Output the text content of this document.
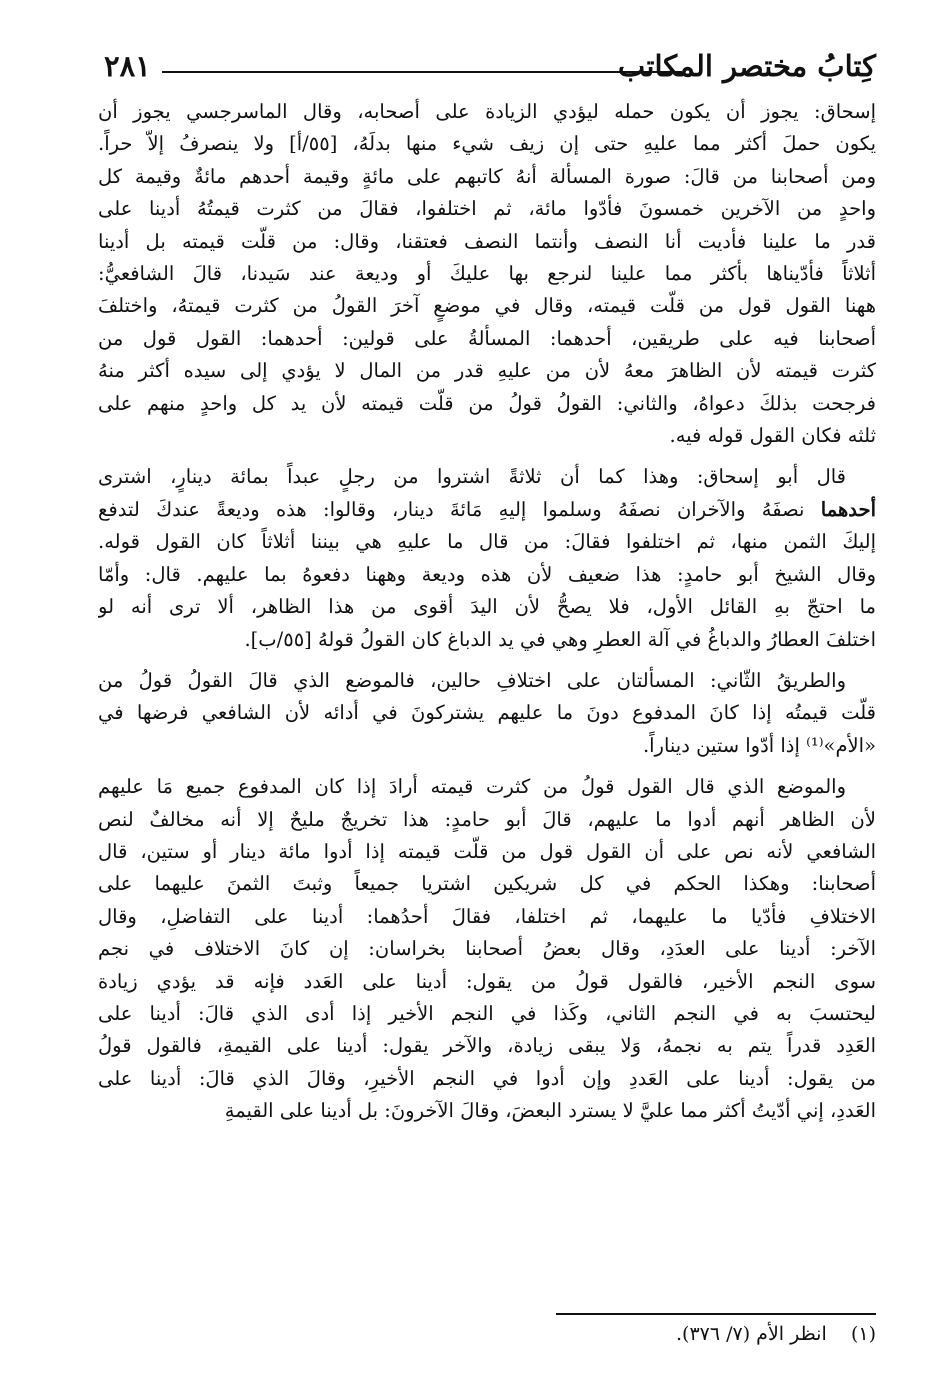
٢٨١	كِتابُ مختصر المكاتب
إسحاق: يجوز أن يكون حمله ليؤدي الزيادة على أصحابه، وقال الماسرجسي يجوز أن
يكون حملَ أكثر مما عليهِ حتى إن زيف شيء منها بدلَهُ، [٥٥/أ] ولا ينصرفُ إلاّ حراً.
ومن أصحابنا من قالَ: صورة المسألة أنهُ كاتبهم على مائةٍ وقيمة أحدهم مائةٌ وقيمة كل
واحدٍ من الآخرين خمسونَ فأدّوا مائة، ثم اختلفوا، فقالَ من كثرت قيمتُهُ أدينا على
قدر ما علينا فأديت أنا النصف وأنتما النصف فعتقنا، وقال: من قلّت قيمته بل أدينا
أثلاثاً فأدّيناها بأكثر مما علينا لنرجع بها عليكَ أو وديعة عند سَيدنا، قالَ الشافعيُّ:
ههنا القول قول من قلّت قيمته، وقال في موضعٍ آخرَ القولُ من كثرت قيمتهُ، واختلفَ
أصحابنا فيه على طريقين، أحدهما: المسألةُ على قولين: أحدهما: القول قول من
كثرت قيمته لأن الظاهرَ معهُ لأن من عليهِ قدر من المال لا يؤدي إلى سيده أكثر منهُ
فرجحت بذلكَ دعواهُ، والثاني: القولُ قولُ من قلّت قيمته لأن يد كل واحدٍ منهم على
ثلثه فكان القول قوله فيه.
قال أبو إسحاق: وهذا كما أن ثلاثةً اشتروا من رجلٍ عبداً بمائة دينارٍ، اشترى
أحدهما نصفَهُ والآخران نصفَهُ وسلموا إليهِ مَائةَ دينار، وقالوا: هذه وديعةً عندكَ لتدفع
إليكَ الثمن منها، ثم اختلفوا فقالَ: من قال ما عليهِ هي بيننا أثلاثاً كان القول قوله.
وقال الشيخ أبو حامدٍ: هذا ضعيف لأن هذه وديعة وههنا دفعوهُ بما عليهم. قال: وأمّا
ما احتجّ بهِ القائل الأول، فلا يصحُّ لأن اليدَ أقوى من هذا الظاهر، ألا ترى أنه لو
اختلفَ العطارُ والدباغُ في آلة العطرِ وهي في يد الدباغ كان القولُ قولهُ [٥٥/ب].
والطريقُ الثّاني: المسألتان على اختلافِ حالين، فالموضع الذي قالَ القولُ قولُ من
قلّت قيمتُه إذا كانَ المدفوع دونَ ما عليهم يشتركونَ في أدائه لأن الشافعي فرضها في
«الأم»⁽¹⁾ إذا أدّوا ستين ديناراً.
والموضع الذي قال القول قولُ من كثرت قيمته أرادَ إذا كان المدفوع جميع مَا عليهم
لأن الظاهر أنهم أدوا ما عليهم، قالَ أبو حامدٍ: هذا تخريجٌ مليحٌ إلا أنه مخالفٌ لنص
الشافعي لأنه نص على أن القول قول من قلّت قيمته إذا أدوا مائة دينار أو ستين، قال
أصحابنا: وهكذا الحكم في كل شريكين اشتريا جميعاً وثبتَ الثمنَ عليهما على
الاختلافِ فأدّيا ما عليهما، ثم اختلفا، فقالَ أحدُهما: أدينا على التفاضلِ، وقال
الآخر: أدينا على العدَدِ، وقال بعضُ أصحابنا بخراسان: إن كانَ الاختلاف في نجم
سوى النجم الأخير، فالقول قولُ من يقول: أدينا على العَدد فإنه قد يؤدي زيادة
ليحتسبَ به في النجم الثاني، وكَذا في النجم الأخير إذا أدى الذي قالَ: أدينا على
العَدِد قدراً يتم به نجمهُ، وَلا يبقى زيادة، والآخر يقول: أدينا على القيمةِ، فالقول قولُ
من يقول: أدينا على العَددِ وإن أدوا في النجم الأخيرِ، وقالَ الذي قالَ: أدينا على
العَددِ، إني أدّيتُ أكثر مما عليَّ لا يسترد البعضَ، وقالَ الآخرونَ: بل أدينا على القيمةِ
(١)    انظر الأم (٧/ ٣٧٦).
